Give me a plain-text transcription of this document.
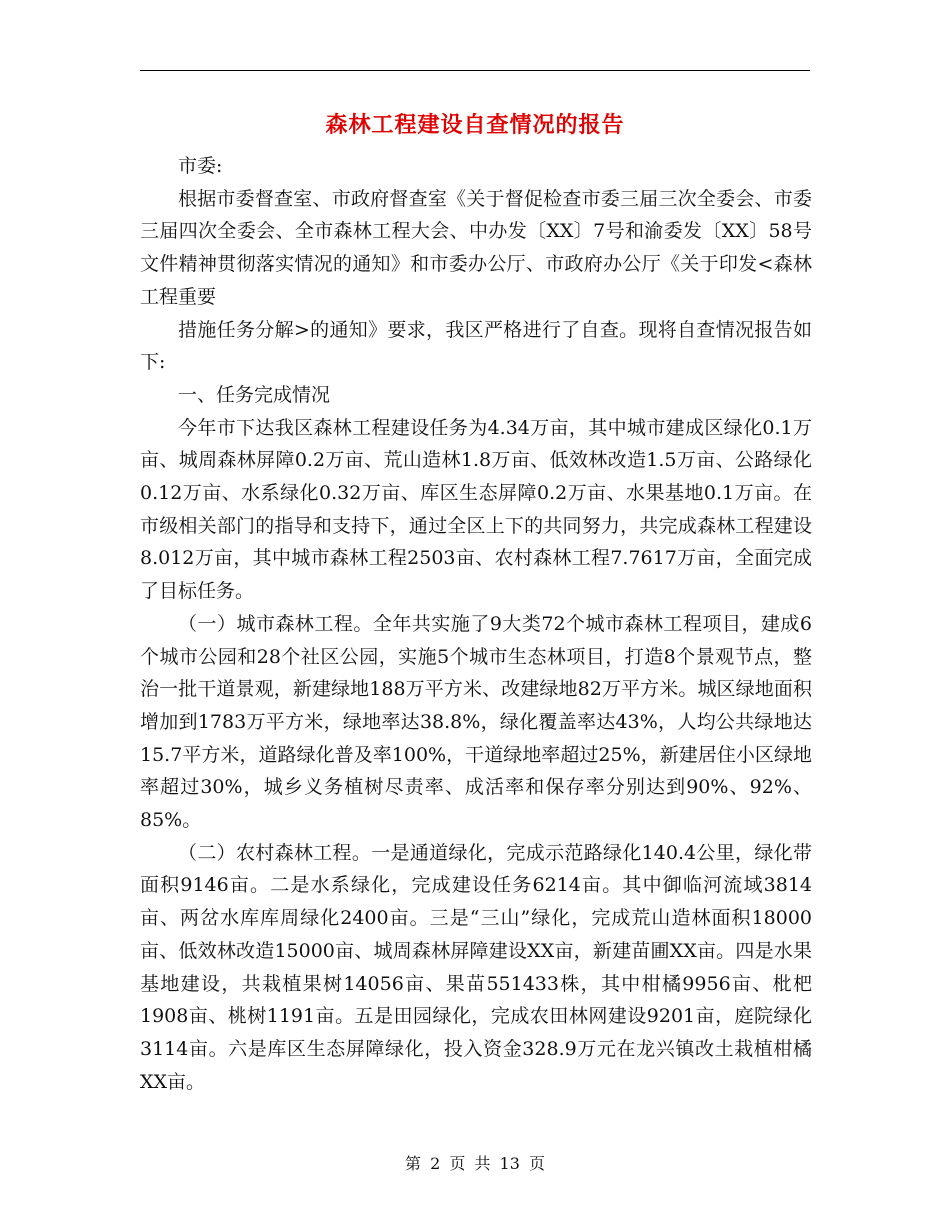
森林工程建设自查情况的报告

市委:

根据市委督查室、市政府督查室《关于督促检查市委三届三次全委会、市委三届四次全委会、全市森林工程大会、中办发〔XX〕7号和渝委发〔XX〕58号文件精神贯彻落实情况的通知》和市委办公厅、市政府办公厅《关于印发<森林工程重要

措施任务分解>的通知》要求，我区严格进行了自查。现将自查情况报告如下:

一、任务完成情况

今年市下达我区森林工程建设任务为4.34万亩，其中城市建成区绿化0.1万亩、城周森林屏障0.2万亩、荒山造林1.8万亩、低效林改造1.5万亩、公路绿化0.12万亩、水系绿化0.32万亩、库区生态屏障0.2万亩、水果基地0.1万亩。在市级相关部门的指导和支持下，通过全区上下的共同努力，共完成森林工程建设8.012万亩，其中城市森林工程2503亩、农村森林工程7.7617万亩，全面完成了目标任务。

（一）城市森林工程。全年共实施了9大类72个城市森林工程项目，建成6个城市公园和28个社区公园，实施5个城市生态林项目，打造8个景观节点，整治一批干道景观，新建绿地188万平方米、改建绿地82万平方米。城区绿地面积增加到1783万平方米，绿地率达38.8%，绿化覆盖率达43%，人均公共绿地达15.7平方米，道路绿化普及率100%，干道绿地率超过25%，新建居住小区绿地率超过30%，城乡义务植树尽责率、成活率和保存率分别达到90%、92%、85%。

（二）农村森林工程。一是通道绿化，完成示范路绿化140.4公里，绿化带面积9146亩。二是水系绿化，完成建设任务6214亩。其中御临河流域3814亩、两岔水库库周绿化2400亩。三是“三山”绿化，完成荒山造林面积18000亩、低效林改造15000亩、城周森林屏障建设XX亩，新建苗圃XX亩。四是水果基地建设，共栽植果树14056亩、果苗551433株，其中柑橘9956亩、枇杷1908亩、桃树1191亩。五是田园绿化，完成农田林网建设9201亩，庭院绿化3114亩。六是库区生态屏障绿化，投入资金328.9万元在龙兴镇改土栽植柑橘XX亩。

第 2 页 共 13 页
